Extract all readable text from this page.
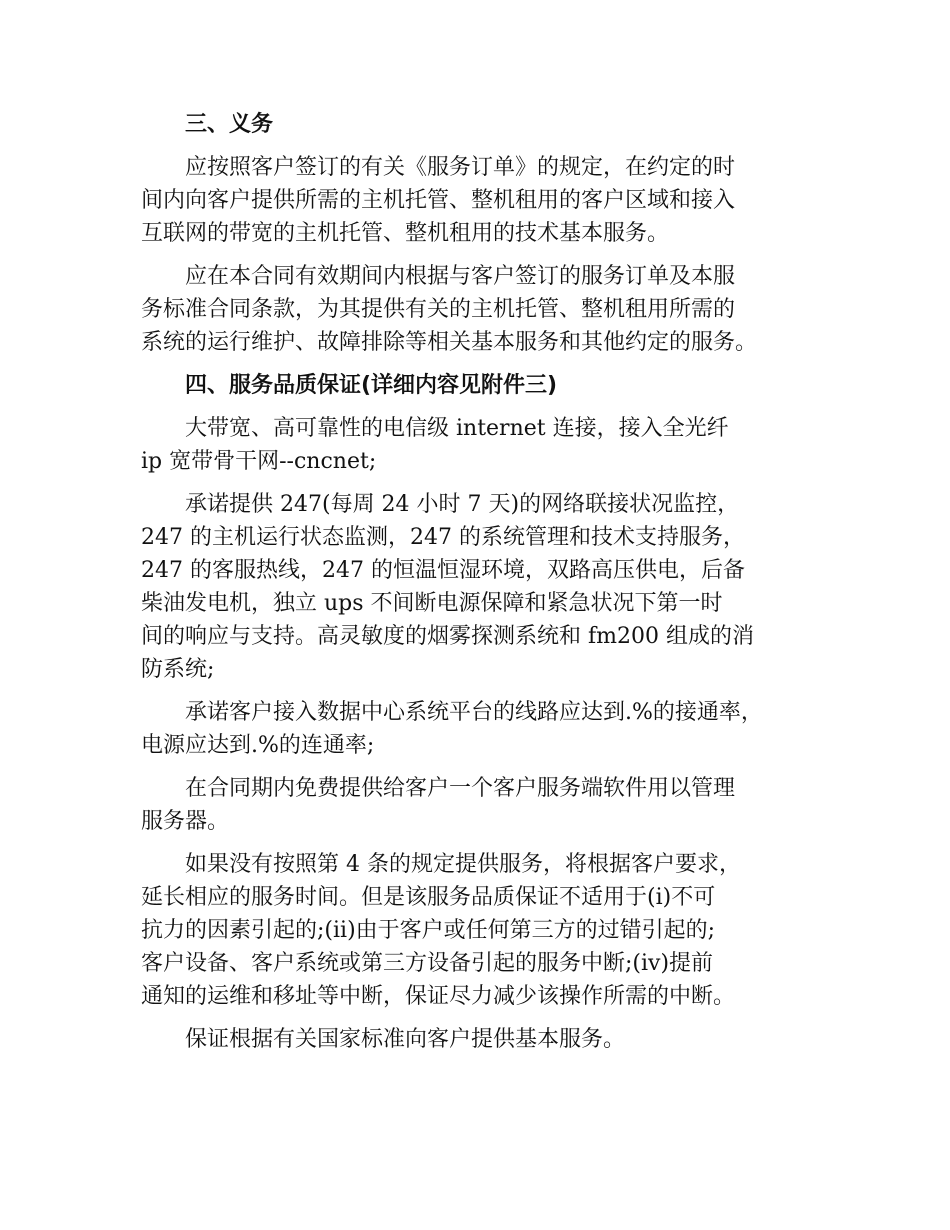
三、义务

应按照客户签订的有关《服务订单》的规定，在约定的时
间内向客户提供所需的主机托管、整机租用的客户区域和接入
互联网的带宽的主机托管、整机租用的技术基本服务。

应在本合同有效期间内根据与客户签订的服务订单及本服
务标准合同条款，为其提供有关的主机托管、整机租用所需的
系统的运行维护、故障排除等相关基本服务和其他约定的服务。

四、服务品质保证(详细内容见附件三)

大带宽、高可靠性的电信级 internet 连接，接入全光纤
ip 宽带骨干网--cncnet;

承诺提供 247(每周 24 小时 7 天)的网络联接状况监控，
247 的主机运行状态监测，247 的系统管理和技术支持服务，
247 的客服热线，247 的恒温恒湿环境，双路高压供电，后备
柴油发电机，独立 ups 不间断电源保障和紧急状况下第一时
间的响应与支持。高灵敏度的烟雾探测系统和 fm200 组成的消
防系统;

承诺客户接入数据中心系统平台的线路应达到.%的接通率，
电源应达到.%的连通率;

在合同期内免费提供给客户一个客户服务端软件用以管理
服务器。

如果没有按照第 4 条的规定提供服务，将根据客户要求，
延长相应的服务时间。但是该服务品质保证不适用于(i)不可
抗力的因素引起的;(ii)由于客户或任何第三方的过错引起的;
客户设备、客户系统或第三方设备引起的服务中断;(iv)提前
通知的运维和移址等中断，保证尽力减少该操作所需的中断。

保证根据有关国家标准向客户提供基本服务。
